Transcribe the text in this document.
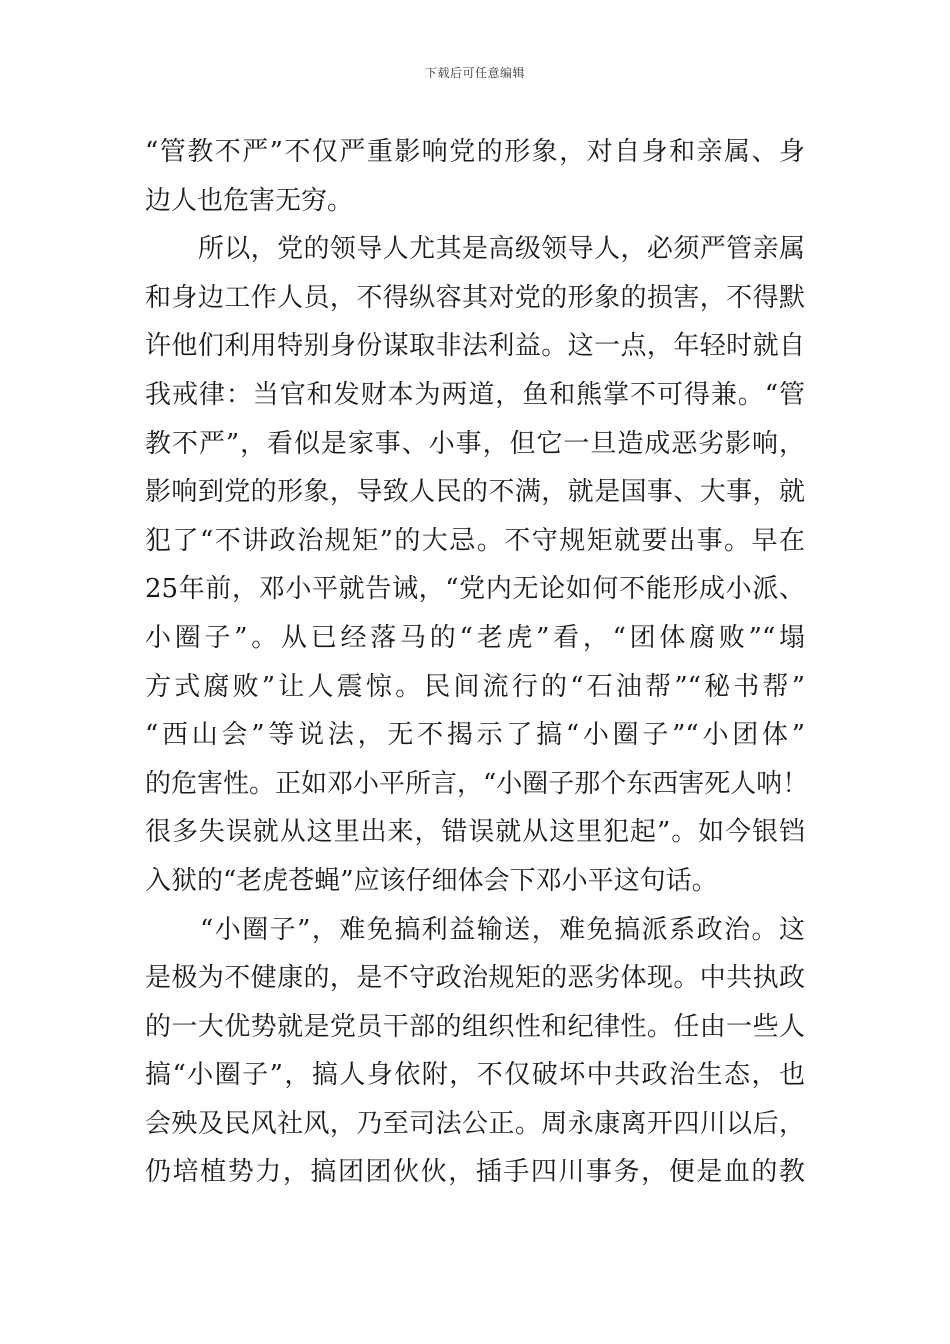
下载后可任意编辑

“管教不严”不仅严重影响党的形象，对自身和亲属、身
边人也危害无穷。

　　所以，党的领导人尤其是高级领导人，必须严管亲属
和身边工作人员，不得纵容其对党的形象的损害，不得默
许他们利用特别身份谋取非法利益。这一点，年轻时就自
我戒律：当官和发财本为两道，鱼和熊掌不可得兼。“管
教不严”，看似是家事、小事，但它一旦造成恶劣影响，
影响到党的形象，导致人民的不满，就是国事、大事，就
犯了“不讲政治规矩”的大忌。不守规矩就要出事。早在
25年前，邓小平就告诫，“党内无论如何不能形成小派、
小圈子”。从已经落马的“老虎”看，“团体腐败”“塌
方式腐败”让人震惊。民间流行的“石油帮”“秘书帮”
“西山会”等说法，无不揭示了搞“小圈子”“小团体”
的危害性。正如邓小平所言，“小圈子那个东西害死人呐！
很多失误就从这里出来，错误就从这里犯起”。如今银铛
入狱的“老虎苍蝇”应该仔细体会下邓小平这句话。

　　“小圈子”，难免搞利益输送，难免搞派系政治。这
是极为不健康的，是不守政治规矩的恶劣体现。中共执政
的一大优势就是党员干部的组织性和纪律性。任由一些人
搞“小圈子”，搞人身依附，不仅破坏中共政治生态，也
会殃及民风社风，乃至司法公正。周永康离开四川以后，
仍培植势力，搞团团伙伙，插手四川事务，便是血的教
